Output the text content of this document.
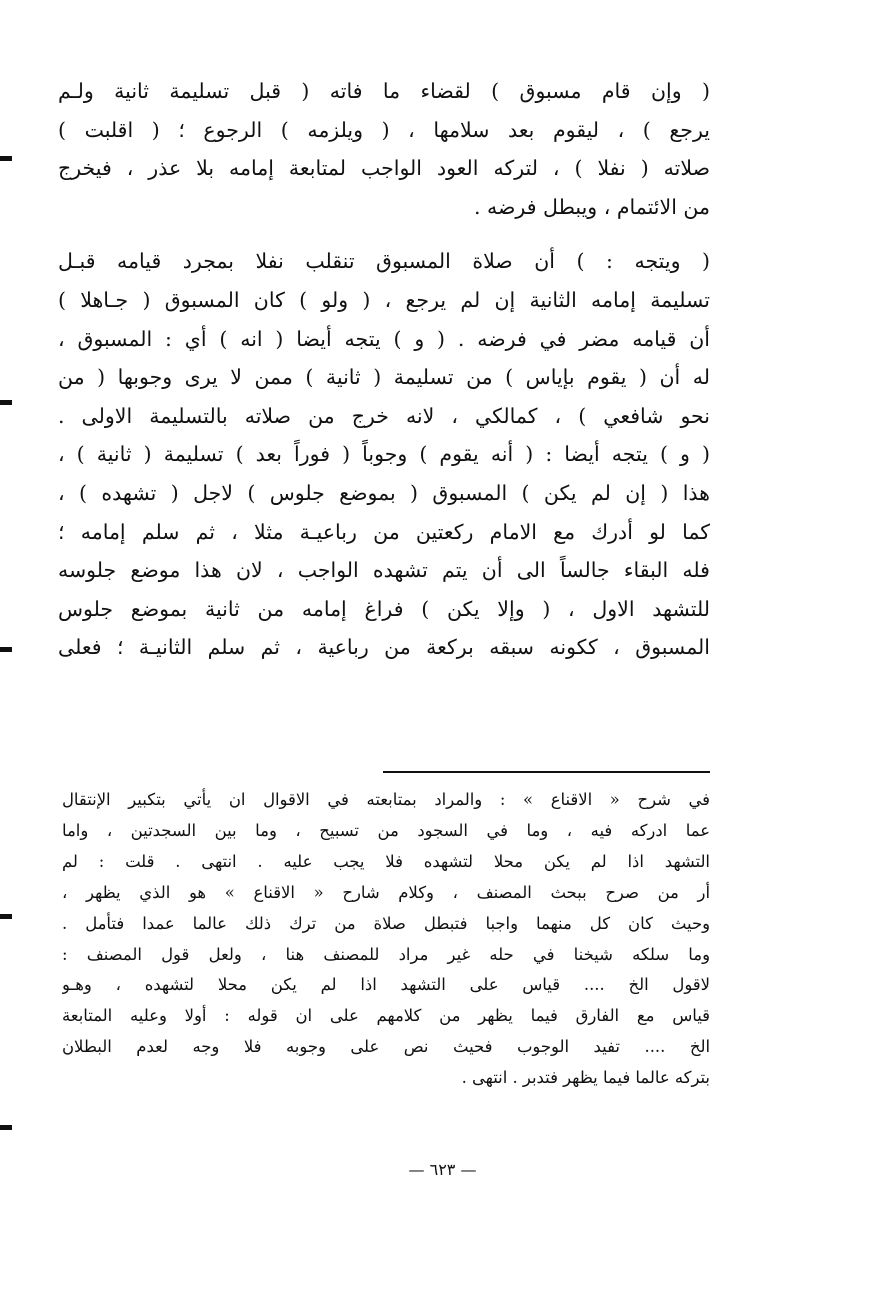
( وإن قام مسبوق ) لقضاء ما فاته ( قبل تسليمة ثانية ولـم
يرجع ) ، ليقوم بعد سلامها ، ( ويلزمه ) الرجوع ؛ ( اقلبت )
صلاته ( نفلا ) ، لتركه العود الواجب لمتابعة إمامه بلا عذر ، فيخرج
من الائتمام ، ويبطل فرضه .
( ويتجه : ) أن صلاة المسبوق تنقلب نفلا بمجرد قيامه قبـل
تسليمة إمامه الثانية إن لم يرجع ، ( ولو ) كان المسبوق ( جـاهلا )
أن قيامه مضر في فرضه . ( و ) يتجه أيضا ( انه ) أي : المسبوق ،
له أن ( يقوم بإياس ) من تسليمة ( ثانية ) ممن لا يرى وجوبها ( من
نحو شافعي ) ، كمالكي ، لانه خرج من صلاته بالتسليمة الاولى .
( و ) يتجه أيضا : ( أنه يقوم ) وجوباً ( فوراً بعد ) تسليمة ( ثانية ) ،
هذا ( إن لم يكن ) المسبوق ( بموضع جلوس ) لاجل ( تشهده ) ،
كما لو أدرك مع الامام ركعتين من رباعيـة مثلا ، ثم سلم إمامه ؛
فله البقاء جالساً الى أن يتم تشهده الواجب ، لان هذا موضع جلوسه
للتشهد الاول ، ( وإلا يكن ) فراغ إمامه من ثانية بموضع جلوس
المسبوق ، ككونه سبقه بركعة من رباعية ، ثم سلم الثانيـة ؛ فعلى
في شرح « الاقناع » : والمراد بمتابعته في الاقوال ان يأتي بتكبير الإنتقال
عما ادركه فيه ، وما في السجود من تسبيح ، وما بين السجدتين ، واما
التشهد اذا لم يكن محلا لتشهده فلا يجب عليه . انتهى . قلت : لم
أر من صرح ببحث المصنف ، وكلام شارح « الاقناع » هو الذي يظهر ،
وحيث كان كل منهما واجبا فتبطل صلاة من ترك ذلك عالما عمدا فتأمل .
وما سلكه شيخنا في حله غير مراد للمصنف هنا ، ولعل قول المصنف :
لاقول الخ .... قياس على التشهد اذا لم يكن محلا لتشهده ، وهـو
قياس مع الفارق فيما يظهر من كلامهم على ان قوله : أولا وعليه المتابعة
الخ .... تفيد الوجوب فحيث نص على وجوبه فلا وجه لعدم البطلان
بتركه عالما فيما يظهر فتدبر . انتهى .
— ٦٢٣ —
